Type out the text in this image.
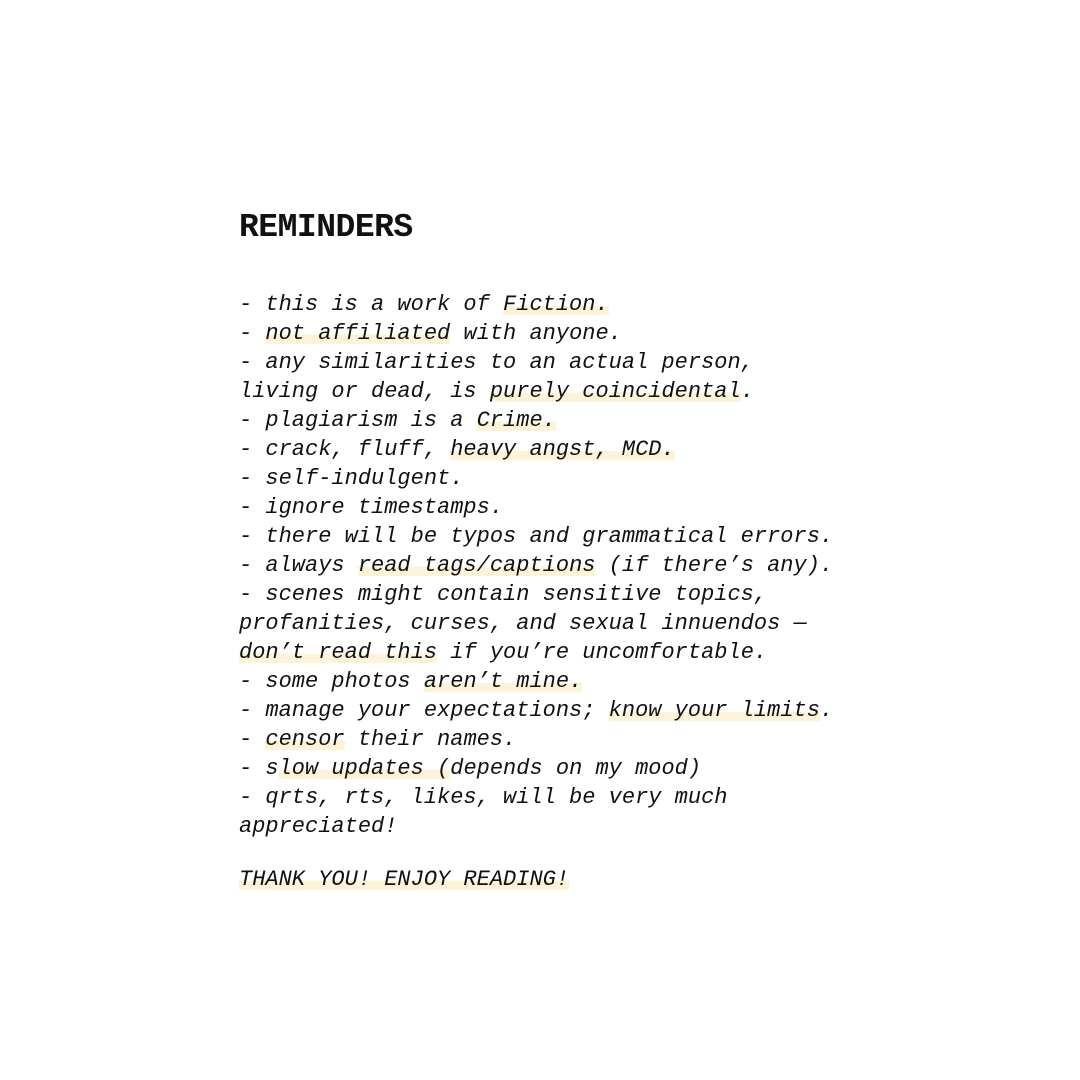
REMINDERS
- this is a work of Fiction.
- not affiliated with anyone.
- any similarities to an actual person,
living or dead, is purely coincidental.
- plagiarism is a Crime.
- crack, fluff, heavy angst, MCD.
- self-indulgent.
- ignore timestamps.
- there will be typos and grammatical errors.
- always read tags/captions (if there’s any).
- scenes might contain sensitive topics,
profanities, curses, and sexual innuendos —
don’t read this if you’re uncomfortable.
- some photos aren’t mine.
- manage your expectations; know your limits.
- censor their names.
- slow updates (depends on my mood)
- qrts, rts, likes, will be very much
appreciated!
THANK YOU! ENJOY READING!
